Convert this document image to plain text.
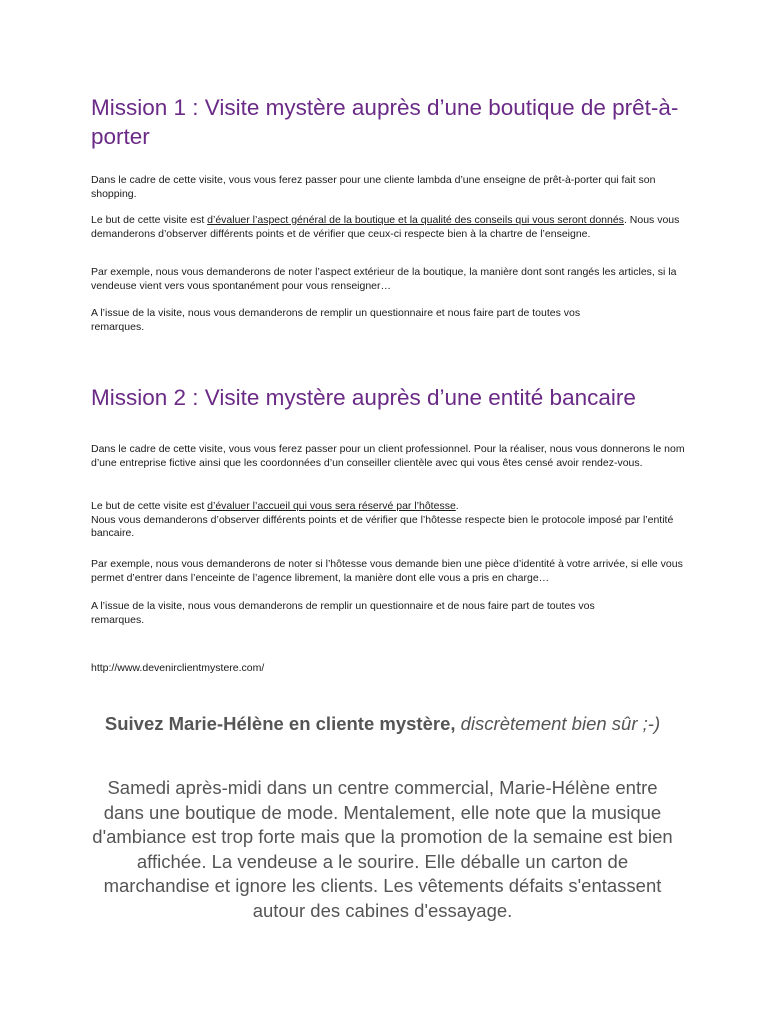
Mission 1 : Visite mystère auprès d’une boutique de prêt-à-porter

Dans le cadre de cette visite, vous vous ferez passer pour une cliente lambda d’une enseigne de prêt-à-porter qui fait son shopping.

Le but de cette visite est d’évaluer l’aspect général de la boutique et la qualité des conseils qui vous seront donnés. Nous vous demanderons d’observer différents points et de vérifier que ceux-ci respecte bien à la chartre de l’enseigne.

Par exemple, nous vous demanderons de noter l’aspect extérieur de la boutique, la manière dont sont rangés les articles, si la vendeuse vient vers vous spontanément pour vous renseigner…

A l’issue de la visite, nous vous demanderons de remplir un questionnaire et nous faire part de toutes vos remarques.

Mission 2 : Visite mystère auprès d’une entité bancaire

Dans le cadre de cette visite, vous vous ferez passer pour un client professionnel. Pour la réaliser, nous vous donnerons le nom d’une entreprise fictive ainsi que les coordonnées d’un conseiller clientèle avec qui vous êtes censé avoir rendez-vous.

Le but de cette visite est d’évaluer l’accueil qui vous sera réservé par l’hôtesse.
Nous vous demanderons d’observer différents points et de vérifier que l’hôtesse respecte bien le protocole imposé par l’entité bancaire.

Par exemple, nous vous demanderons de noter si l’hôtesse vous demande bien une pièce d’identité à votre arrivée, si elle vous permet d’entrer dans l’enceinte de l’agence librement, la manière dont elle vous a pris en charge…

A l’issue de la visite, nous vous demanderons de remplir un questionnaire et de nous faire part de toutes vos remarques.

http://www.devenirclientmystere.com/

Suivez Marie-Hélène en cliente mystère, discrètement bien sûr ;-)

Samedi après-midi dans un centre commercial, Marie-Hélène entre dans une boutique de mode. Mentalement, elle note que la musique d'ambiance est trop forte mais que la promotion de la semaine est bien affichée. La vendeuse a le sourire. Elle déballe un carton de marchandise et ignore les clients. Les vêtements défaits s'entassent autour des cabines d'essayage.
